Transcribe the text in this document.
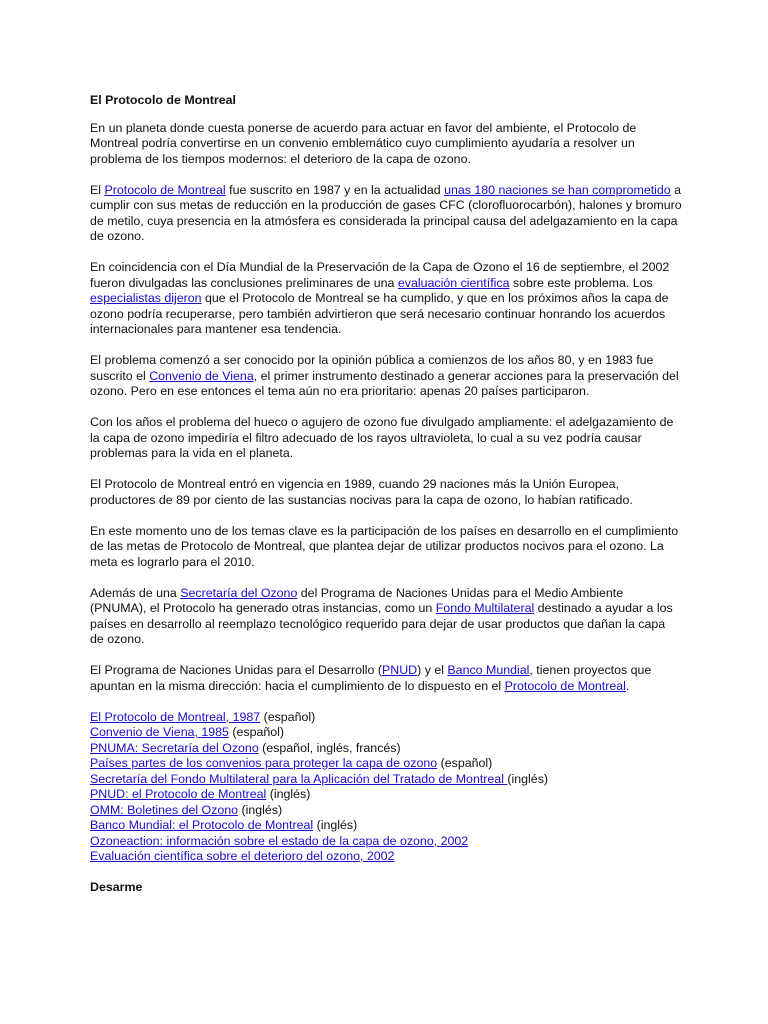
El Protocolo de Montreal

En un planeta donde cuesta ponerse de acuerdo para actuar en favor del ambiente, el Protocolo de Montreal podría convertirse en un convenio emblemático cuyo cumplimiento ayudaría a resolver un problema de los tiempos modernos: el deterioro de la capa de ozono.

El Protocolo de Montreal fue suscrito en 1987 y en la actualidad unas 180 naciones se han comprometido a cumplir con sus metas de reducción en la producción de gases CFC (clorofluorocarbón), halones y bromuro de metilo, cuya presencia en la atmósfera es considerada la principal causa del adelgazamiento en la capa de ozono.

En coincidencia con el Día Mundial de la Preservación de la Capa de Ozono el 16 de septiembre, el 2002 fueron divulgadas las conclusiones preliminares de una evaluación científica sobre este problema. Los especialistas dijeron que el Protocolo de Montreal se ha cumplido, y que en los próximos años la capa de ozono podría recuperarse, pero también advirtieron que será necesario continuar honrando los acuerdos internacionales para mantener esa tendencia.

El problema comenzó a ser conocido por la opinión pública a comienzos de los años 80, y en 1983 fue suscrito el Convenio de Viena, el primer instrumento destinado a generar acciones para la preservación del ozono. Pero en ese entonces el tema aún no era prioritario: apenas 20 países participaron.

Con los años el problema del hueco o agujero de ozono fue divulgado ampliamente: el adelgazamiento de la capa de ozono impediría el filtro adecuado de los rayos ultravioleta, lo cual a su vez podría causar problemas para la vida en el planeta.

El Protocolo de Montreal entró en vigencia en 1989, cuando 29 naciones más la Unión Europea, productores de 89 por ciento de las sustancias nocivas para la capa de ozono, lo habían ratificado.

En este momento uno de los temas clave es la participación de los países en desarrollo en el cumplimiento de las metas de Protocolo de Montreal, que plantea dejar de utilizar productos nocivos para el ozono. La meta es lograrlo para el 2010.

Además de una Secretaría del Ozono del Programa de Naciones Unidas para el Medio Ambiente (PNUMA), el Protocolo ha generado otras instancias, como un Fondo Multilateral destinado a ayudar a los países en desarrollo al reemplazo tecnológico requerido para dejar de usar productos que dañan la capa de ozono.

El Programa de Naciones Unidas para el Desarrollo (PNUD) y el Banco Mundial, tienen proyectos que apuntan en la misma dirección: hacia el cumplimiento de lo dispuesto en el Protocolo de Montreal.

El Protocolo de Montreal, 1987 (español)
Convenio de Viena, 1985 (español)
PNUMA: Secretaría del Ozono (español, inglés, francés)
Países partes de los convenios para proteger la capa de ozono (español)
Secretaría del Fondo Multilateral para la Aplicación del Tratado de Montreal (inglés)
PNUD: el Protocolo de Montreal (inglés)
OMM: Boletines del Ozono (inglés)
Banco Mundial: el Protocolo de Montreal (inglés)
Ozoneaction: información sobre el estado de la capa de ozono, 2002
Evaluación científica sobre el deterioro del ozono, 2002
Desarme
